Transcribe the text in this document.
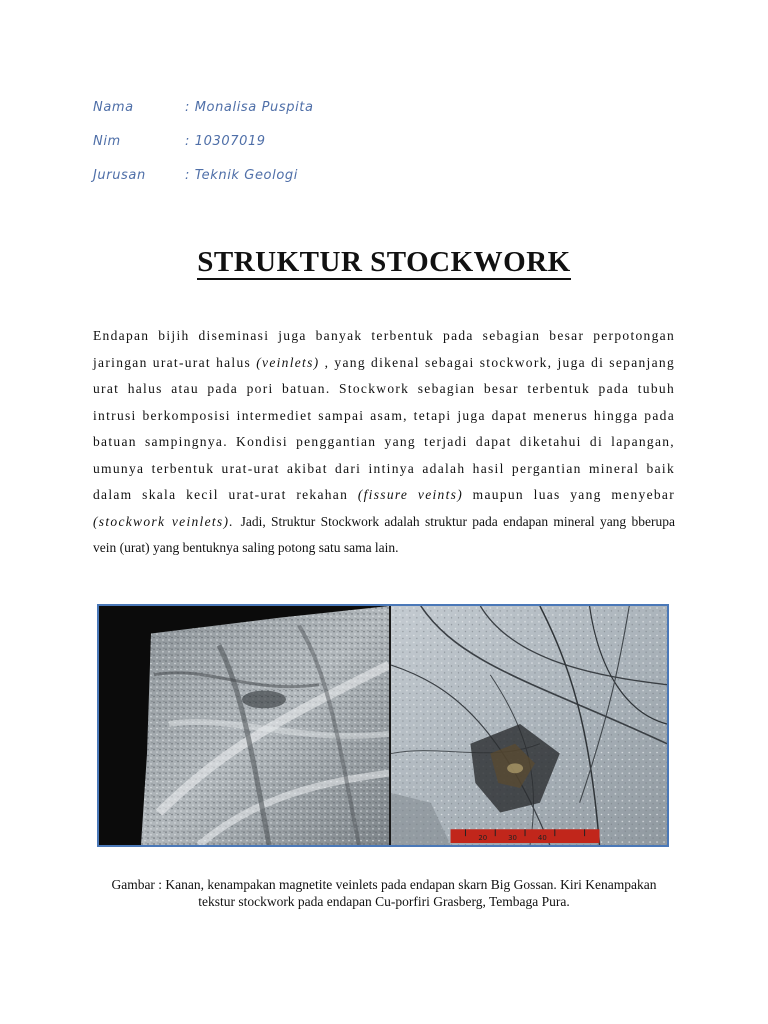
Nama	: Monalisa Puspita
Nim	: 10307019
Jurusan	: Teknik Geologi
STRUKTUR STOCKWORK
Endapan bijih diseminasi juga banyak terbentuk pada sebagian besar perpotongan jaringan urat-urat halus (veinlets) , yang dikenal sebagai stockwork, juga di sepanjang urat halus atau pada pori batuan. Stockwork sebagian besar terbentuk pada tubuh intrusi berkomposisi intermediet sampai asam, tetapi juga dapat menerus hingga pada batuan sampingnya. Kondisi penggantian yang terjadi dapat diketahui di lapangan, umunya terbentuk urat-urat akibat dari intinya adalah hasil pergantian mineral baik dalam skala kecil urat-urat rekahan (fissure veints) maupun luas yang menyebar (stockwork veinlets). Jadi, Struktur Stockwork adalah struktur pada endapan mineral yang bberupa vein (urat) yang bentuknya saling potong satu sama lain.
20	30	40
Gambar : Kanan, kenampakan magnetite veinlets pada endapan skarn Big Gossan. Kiri Kenampakan tekstur stockwork pada endapan Cu-porfiri Grasberg, Tembaga Pura.
